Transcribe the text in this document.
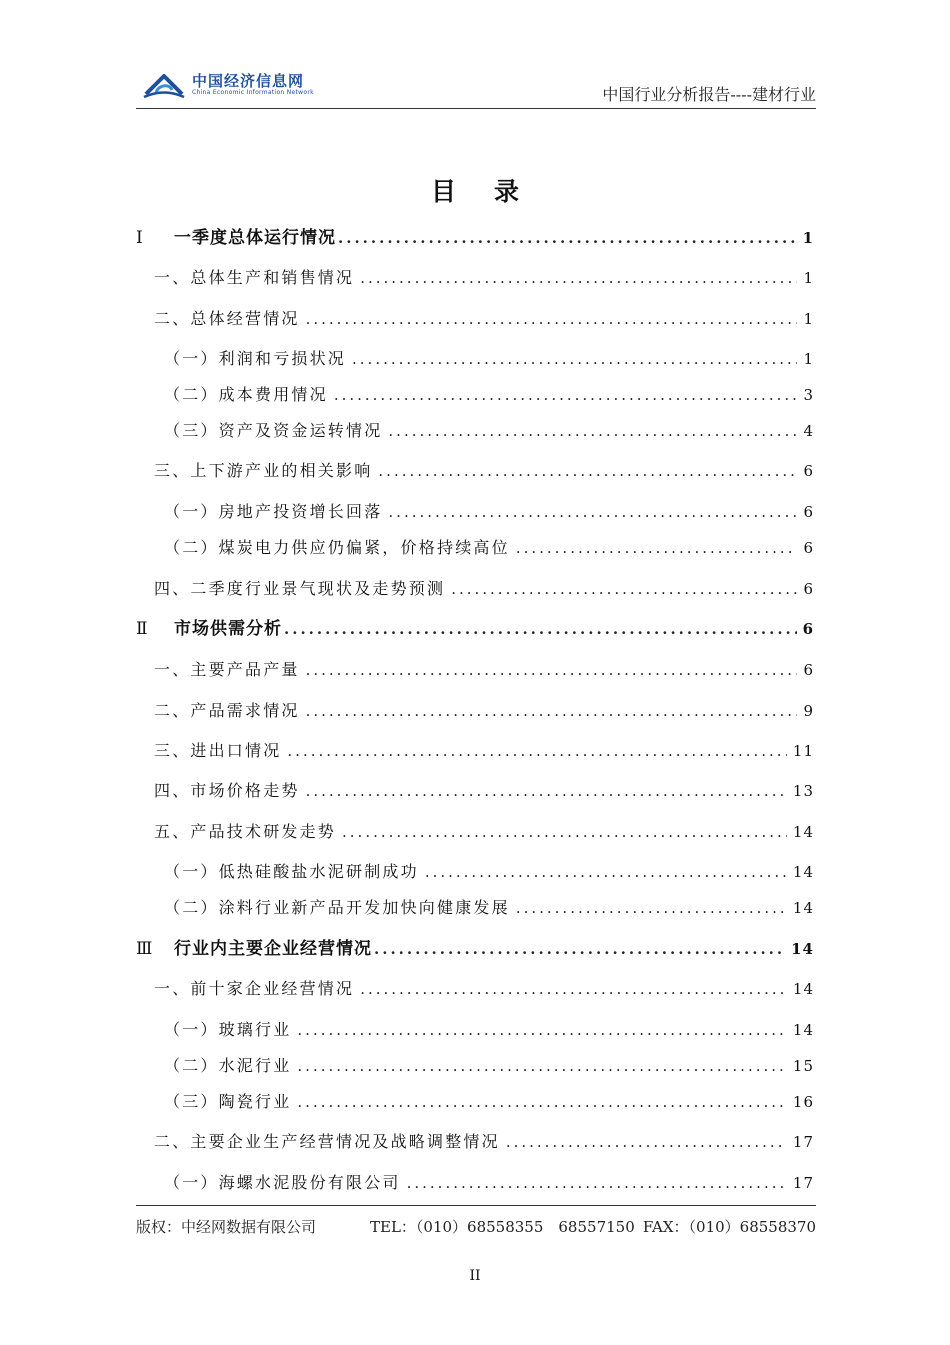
中国经济信息网
China Economic Information Network	中国行业分析报告----建材行业
目录
Ⅰ 一季度总体运行情况 .....	1
一、总体生产和销售情况 .....	1
二、总体经营情况 .....	1
（一）利润和亏损状况 .....	1
（二）成本费用情况 .....	3
（三）资产及资金运转情况 .....	4
三、上下游产业的相关影响 .....	6
（一）房地产投资增长回落 .....	6
（二）煤炭电力供应仍偏紧，价格持续高位 .....	6
四、二季度行业景气现状及走势预测 .....	6
Ⅱ 市场供需分析 .....	6
一、主要产品产量 .....	6
二、产品需求情况 .....	9
三、进出口情况 .....	11
四、市场价格走势 .....	13
五、产品技术研发走势 .....	14
（一）低热硅酸盐水泥研制成功 .....	14
（二）涂料行业新产品开发加快向健康发展 .....	14
Ⅲ 行业内主要企业经营情况 .....	14
一、前十家企业经营情况 .....	14
（一）玻璃行业 .....	14
（二）水泥行业 .....	15
（三）陶瓷行业 .....	16
二、主要企业生产经营情况及战略调整情况 .....	17
（一）海螺水泥股份有限公司 .....	17
版权：中经网数据有限公司	TEL：（010）68558355　68557150 FAX：（010）68558370
II
